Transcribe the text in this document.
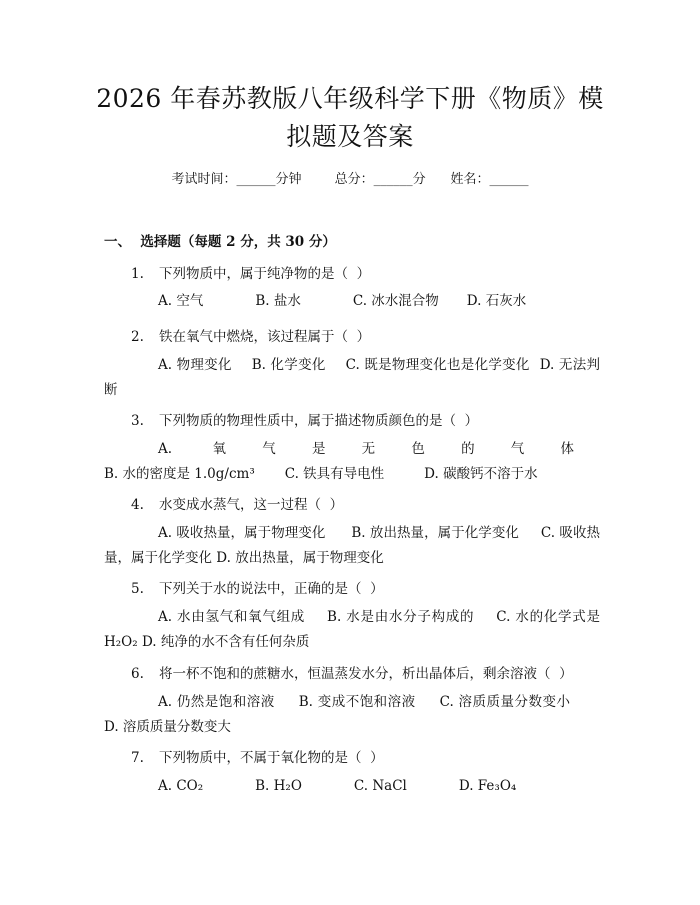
2026 年春苏教版八年级科学下册《物质》模
拟题及答案
考试时间：______分钟	总分：______分 姓名：______
一、  选择题（每题 2 分，共 30 分）
1. 下列物质中，属于纯净物的是（  ）
A. 空气	B. 盐水	C. 冰水混合物 D. 石灰水
2. 铁在氧气中燃烧，该过程属于（  ）
A. 物理变化 B. 化学变化 C. 既是物理变化也是化学变化 D. 无法判断
3. 下列物质的物理性质中，属于描述物质颜色的是（  ）
A. 氧气是无色的气体B. 水的密度是 1.0g/cm³ C. 铁具有导电性	D. 碳酸钙不溶于水
4. 水变成水蒸气，这一过程（  ）
A. 吸收热量，属于物理变化 B. 放出热量，属于化学变化 C. 吸收热量，属于化学变化 D. 放出热量，属于物理变化
5. 下列关于水的说法中，正确的是（  ）
A. 水由氢气和氧气组成 B. 水是由水分子构成的 C. 水的化学式是 H₂O₂ D. 纯净的水不含有任何杂质
6. 将一杯不饱和的蔗糖水，恒温蒸发水分，析出晶体后，剩余溶液（  ）
A. 仍然是饱和溶液 B. 变成不饱和溶液 C. 溶质质量分数变小D. 溶质质量分数变大
7. 下列物质中，不属于氧化物的是（  ）
A. CO₂	B. H₂O	C. NaCl	D. Fe₃O₄
